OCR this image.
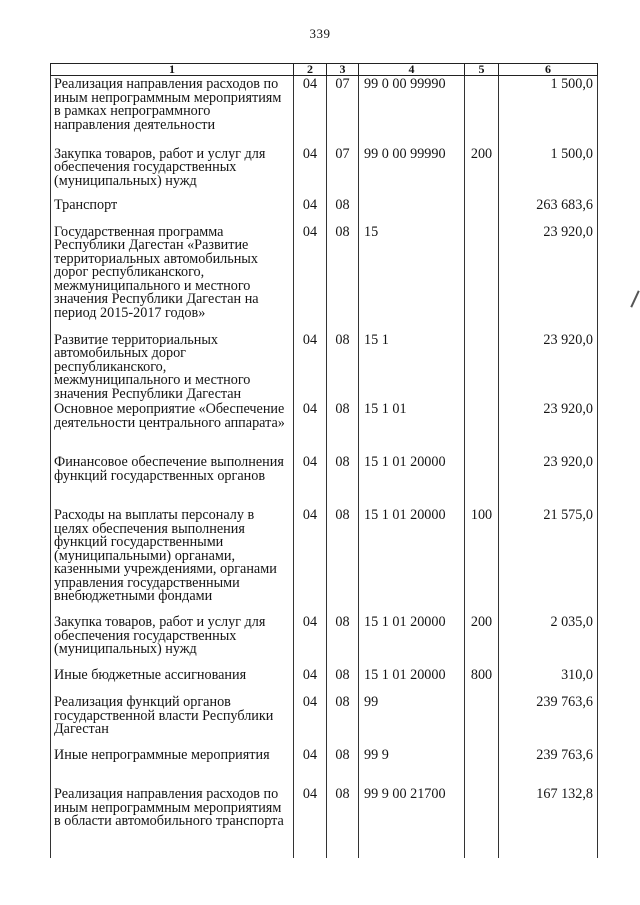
339
1	2	3	4	5	6
Реализация направления расходов по иным непрограммным мероприятиям в рамках непрограммного направления деятельности	04	07	99 0 00 99990		1 500,0
Закупка товаров, работ и услуг для обеспечения государственных (муниципальных) нужд	04	07	99 0 00 99990	200	1 500,0
Транспорт	04	08			263 683,6
Государственная программа Республики Дагестан «Развитие территориальных автомобильных дорог республиканского, межмуниципального и местного значения Республики Дагестан на период 2015-2017 годов»	04	08	15		23 920,0
Развитие территориальных автомобильных дорог республиканского, межмуниципального и местного значения Республики Дагестан	04	08	15 1		23 920,0
Основное мероприятие «Обеспечение деятельности центрального аппарата»	04	08	15 1 01		23 920,0
Финансовое обеспечение выполнения функций государственных органов	04	08	15 1 01 20000		23 920,0
Расходы на выплаты персоналу в целях обеспечения выполнения функций государственными (муниципальными) органами, казенными учреждениями, органами управления государственными внебюджетными фондами	04	08	15 1 01 20000	100	21 575,0
Закупка товаров, работ и услуг для обеспечения государственных (муниципальных) нужд	04	08	15 1 01 20000	200	2 035,0
Иные бюджетные ассигнования	04	08	15 1 01 20000	800	310,0
Реализация функций органов государственной власти Республики Дагестан	04	08	99		239 763,6
Иные непрограммные мероприятия	04	08	99 9		239 763,6
Реализация направления расходов по иным непрограммным мероприятиям в области автомобильного транспорта	04	08	99 9 00 21700		167 132,8
